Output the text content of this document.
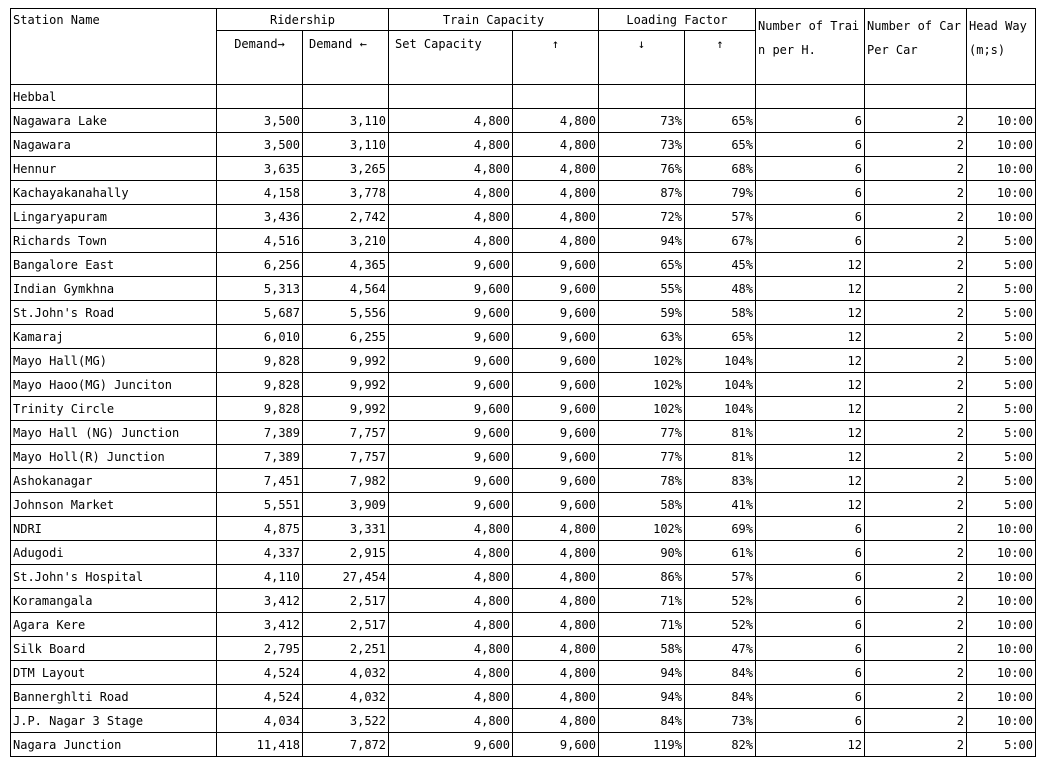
Station Name	Ridership		Train Capacity		Loading Factor		Number of Train per H.	Number of Car Per Car	Head Way (m;s)
	Demand→	Demand ←	Set Capacity	↑	↓	↑			
Hebbal									
Nagawara Lake	3,500	3,110	4,800	4,800	73%	65%	6	2	10:00
Nagawara	3,500	3,110	4,800	4,800	73%	65%	6	2	10:00
Hennur	3,635	3,265	4,800	4,800	76%	68%	6	2	10:00
Kachayakanahally	4,158	3,778	4,800	4,800	87%	79%	6	2	10:00
Lingaryapuram	3,436	2,742	4,800	4,800	72%	57%	6	2	10:00
Richards Town	4,516	3,210	4,800	4,800	94%	67%	6	2	5:00
Bangalore East	6,256	4,365	9,600	9,600	65%	45%	12	2	5:00
Indian Gymkhna	5,313	4,564	9,600	9,600	55%	48%	12	2	5:00
St.John's Road	5,687	5,556	9,600	9,600	59%	58%	12	2	5:00
Kamaraj	6,010	6,255	9,600	9,600	63%	65%	12	2	5:00
Mayo Hall(MG)	9,828	9,992	9,600	9,600	102%	104%	12	2	5:00
Mayo Haoo(MG) Junciton	9,828	9,992	9,600	9,600	102%	104%	12	2	5:00
Trinity Circle	9,828	9,992	9,600	9,600	102%	104%	12	2	5:00
Mayo Hall (NG) Junction	7,389	7,757	9,600	9,600	77%	81%	12	2	5:00
Mayo Holl(R) Junction	7,389	7,757	9,600	9,600	77%	81%	12	2	5:00
Ashokanagar	7,451	7,982	9,600	9,600	78%	83%	12	2	5:00
Johnson Market	5,551	3,909	9,600	9,600	58%	41%	12	2	5:00
NDRI	4,875	3,331	4,800	4,800	102%	69%	6	2	10:00
Adugodi	4,337	2,915	4,800	4,800	90%	61%	6	2	10:00
St.John's Hospital	4,110	27,454	4,800	4,800	86%	57%	6	2	10:00
Koramangala	3,412	2,517	4,800	4,800	71%	52%	6	2	10:00
Agara Kere	3,412	2,517	4,800	4,800	71%	52%	6	2	10:00
Silk Board	2,795	2,251	4,800	4,800	58%	47%	6	2	10:00
DTM Layout	4,524	4,032	4,800	4,800	94%	84%	6	2	10:00
Bannerghlti Road	4,524	4,032	4,800	4,800	94%	84%	6	2	10:00
J.P. Nagar 3 Stage	4,034	3,522	4,800	4,800	84%	73%	6	2	10:00
Nagara Junction	11,418	7,872	9,600	9,600	119%	82%	12	2	5:00
